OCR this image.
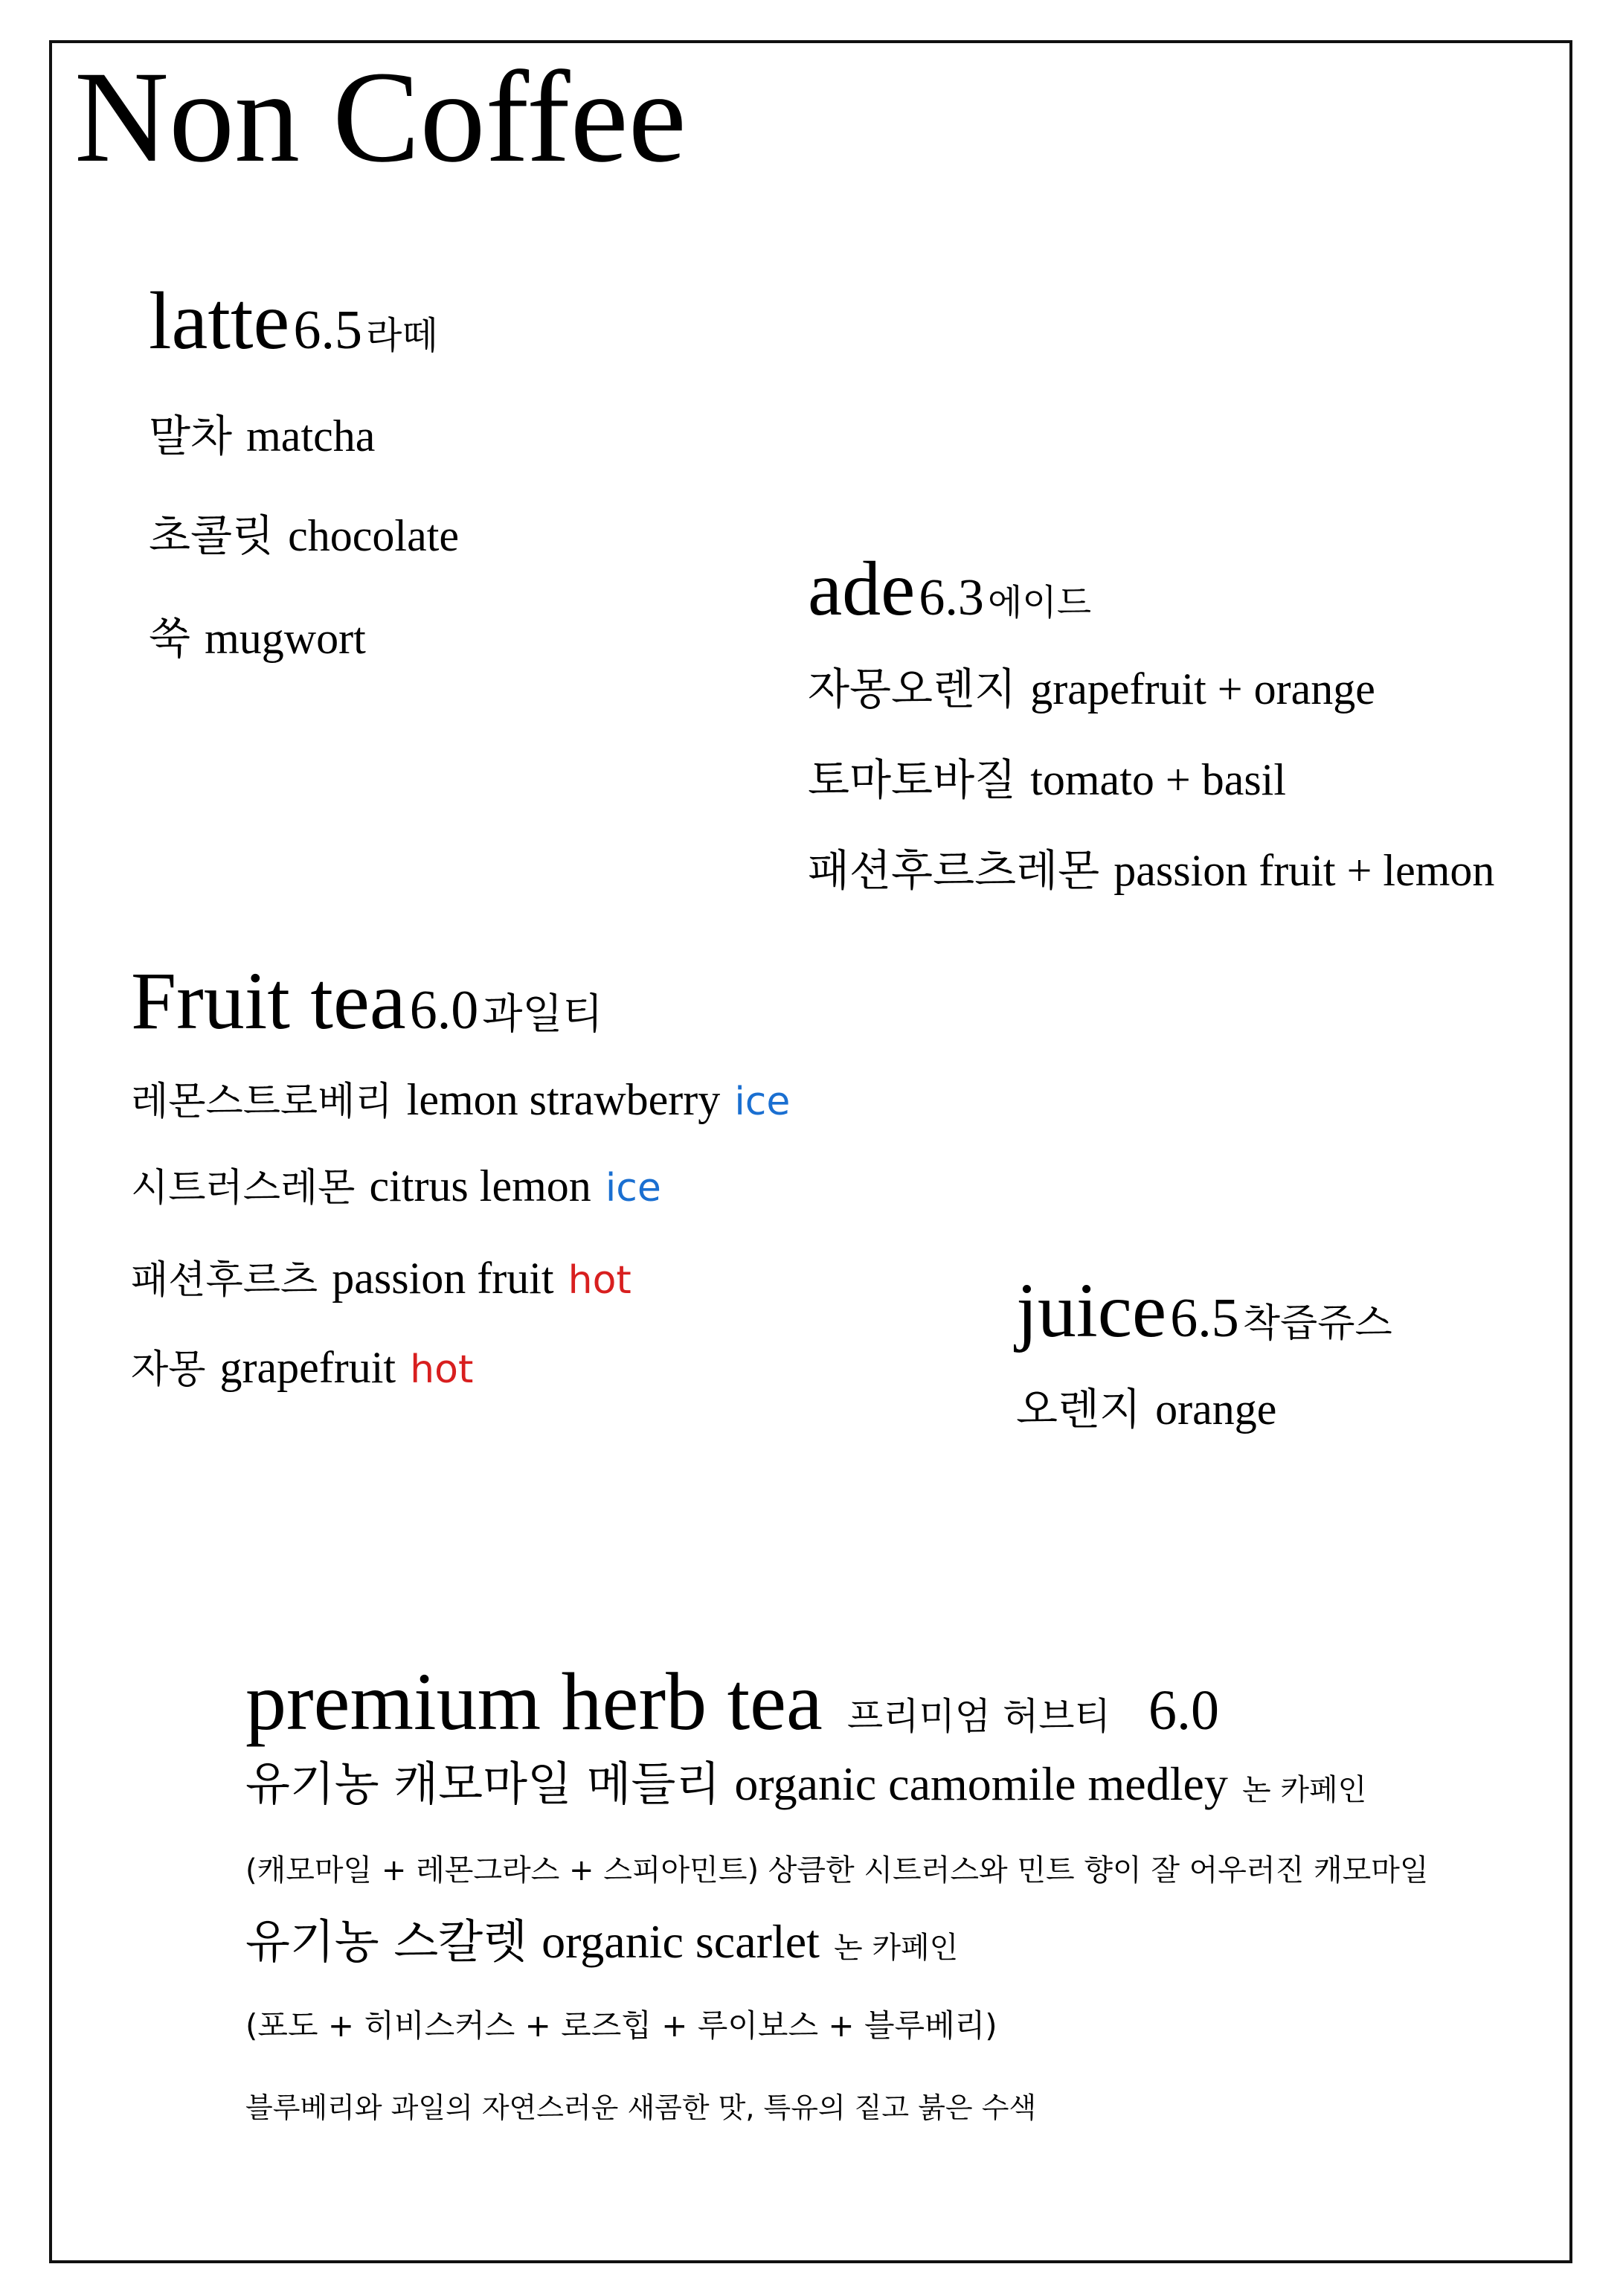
Non Coffee
latte 6.5 라떼
말차 matcha
초콜릿 chocolate
쑥 mugwort
ade 6.3 에이드
자몽오렌지 grapefruit + orange
토마토바질 tomato + basil
패션후르츠레몬 passion fruit + lemon
Fruit tea 6.0 과일티
레몬스트로베리 lemon strawberry ice
시트러스레몬 citrus lemon ice
패션후르츠 passion fruit hot
자몽 grapefruit hot
juice 6.5 착즙쥬스
오렌지 orange
premium herb tea 프리미엄 허브티 6.0
유기농 캐모마일 메들리 organic camomile medley 논 카페인
(캐모마일 + 레몬그라스 + 스피아민트) 상큼한 시트러스와 민트 향이 잘 어우러진 캐모마일
유기농 스칼렛 organic scarlet 논 카페인
(포도 + 히비스커스 + 로즈힙 + 루이보스 + 블루베리)
블루베리와 과일의 자연스러운 새콤한 맛, 특유의 짙고 붉은 수색
